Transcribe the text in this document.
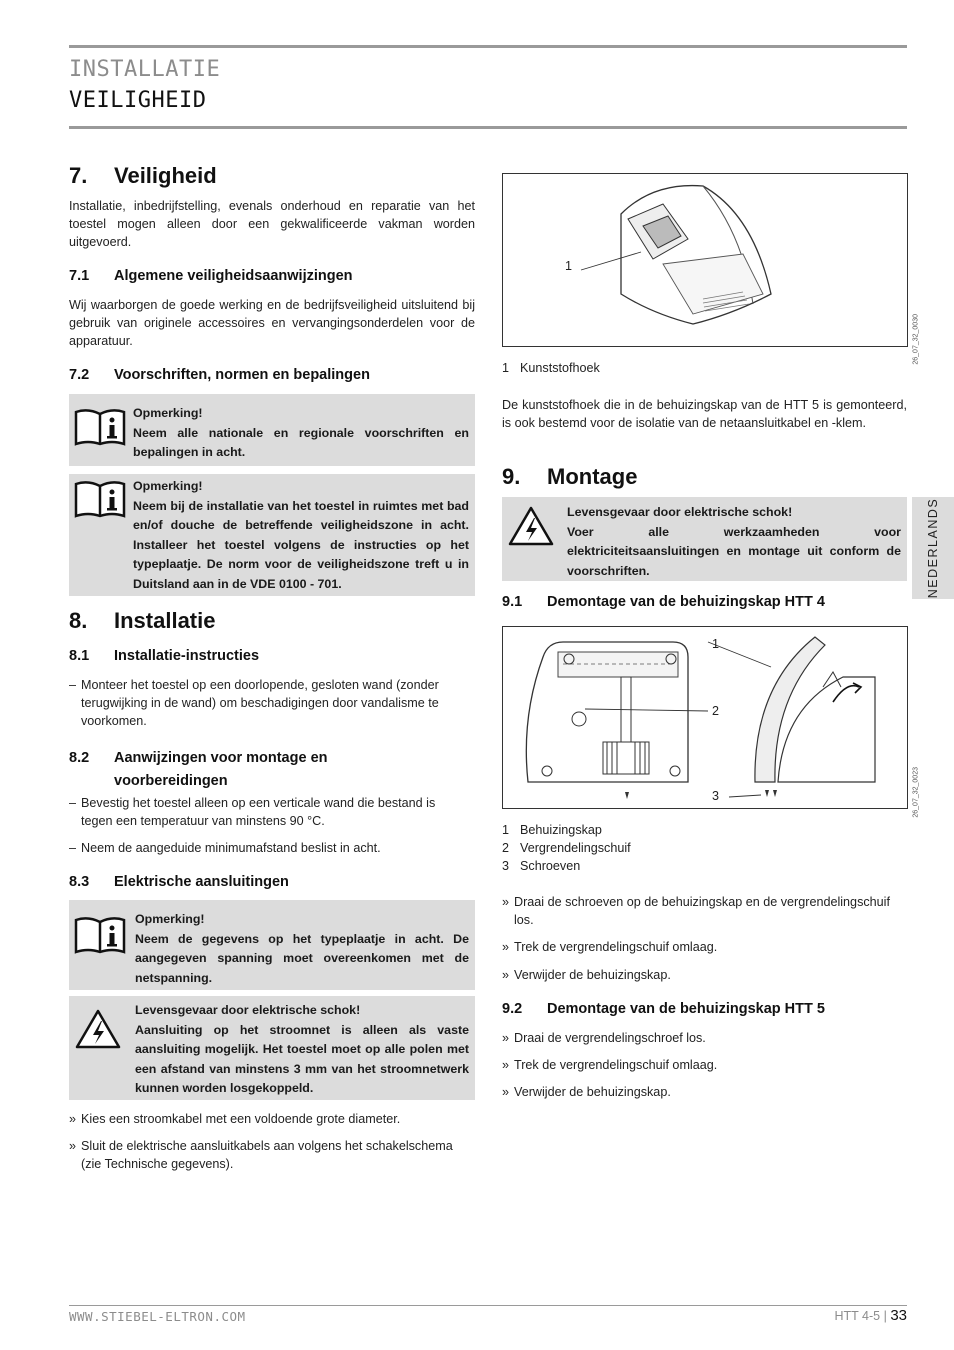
INSTALLATIE
VEILIGHEID
7. Veiligheid
Installatie, inbedrijfstelling, evenals onderhoud en reparatie van het toestel mogen alleen door een gekwalificeerde vakman worden uitgevoerd.
7.1 Algemene veiligheidsaanwijzingen
Wij waarborgen de goede werking en de bedrijfsveiligheid uitsluitend bij gebruik van originele accessoires en vervangingsonderdelen voor de apparatuur.
7.2 Voorschriften, normen en bepalingen
Opmerking!
Neem alle nationale en regionale voorschriften en bepalingen in acht.
Opmerking!
Neem bij de installatie van het toestel in ruimtes met bad en/of douche de betreffende veiligheidszone in acht. Installeer het toestel volgens de instructies op het typeplaatje. De norm voor de veiligheidszone treft u in Duitsland aan in de VDE 0100 - 701.
8. Installatie
8.1 Installatie-instructies
– Monteer het toestel op een doorlopende, gesloten wand (zonder terugwijking in de wand) om beschadigingen door vandalisme te voorkomen.
8.2 Aanwijzingen voor montage en
voorbereidingen
– Bevestig het toestel alleen op een verticale wand die bestand is tegen een temperatuur van minstens 90 °C.
– Neem de aangeduide minimumafstand beslist in acht.
8.3 Elektrische aansluitingen
Opmerking!
Neem de gegevens op het typeplaatje in acht. De aangegeven spanning moet overeenkomen met de netspanning.
Levensgevaar door elektrische schok!
Aansluiting op het stroomnet is alleen als vaste aansluiting mogelijk. Het toestel moet op alle polen met een afstand van minstens 3 mm van het stroomnetwerk kunnen worden losgekoppeld.
» Kies een stroomkabel met een voldoende grote diameter.
» Sluit de elektrische aansluitkabels aan volgens het schakelschema (zie Technische gegevens).
1
26_07_32_0030
1 Kunststofhoek
De kunststofhoek die in de behuizingskap van de HTT 5 is gemonteerd, is ook bestemd voor de isolatie van de netaansluitkabel en -klem.
9. Montage
Levensgevaar door elektrische schok!
Voer alle werkzaamheden voor elektriciteitsaansluitingen en montage uit conform de voorschriften.
9.1 Demontage van de behuizingskap HTT 4
1
2
3	26_07_32_0023
1 Behuizingskap
2 Vergrendelingschuif
3 Schroeven
» Draai de schroeven op de behuizingskap en de vergrendelingschuif los.
» Trek de vergrendelingschuif omlaag.
» Verwijder de behuizingskap.
9.2 Demontage van de behuizingskap HTT 5
» Draai de vergrendelingschroef los.
» Trek de vergrendelingschuif omlaag.
» Verwijder de behuizingskap.
NEDERLANDS
WWW.STIEBEL-ELTRON.COM	HTT 4-5 | 33
